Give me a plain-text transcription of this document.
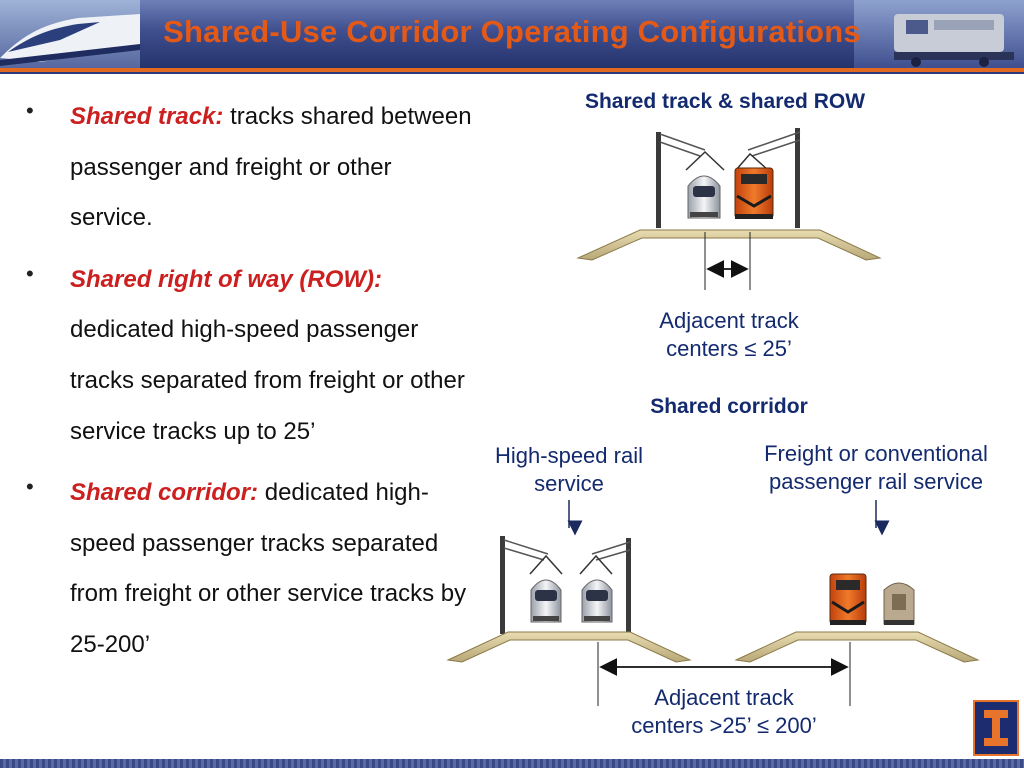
Shared-Use Corridor Operating Configurations
• Shared track: tracks shared between passenger and freight or other service.
• Shared right of way (ROW): dedicated high-speed passenger tracks separated from freight or other service tracks up to 25’
• Shared corridor: dedicated high-speed passenger tracks separated from freight or other service tracks by 25-200’
Shared track & shared ROW
Adjacent track
centers ≤ 25’
Shared corridor
High-speed rail
service
Freight or conventional
passenger rail service
Adjacent track
centers >25’ ≤ 200’
